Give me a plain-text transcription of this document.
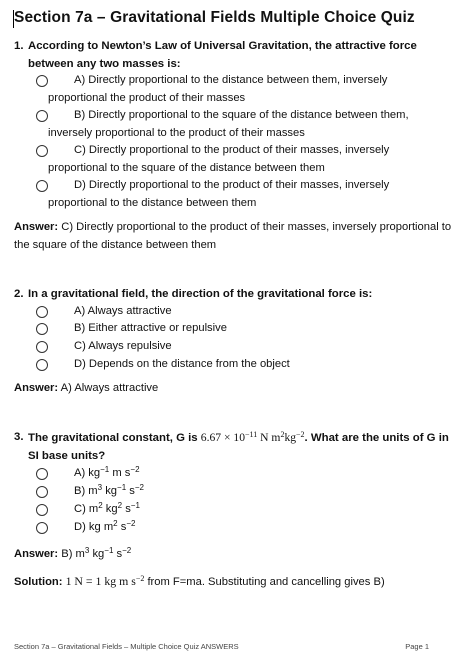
Section 7a – Gravitational Fields Multiple Choice Quiz
1. According to Newton’s Law of Universal Gravitation, the attractive force between any two masses is:
A) Directly proportional to the distance between them, inversely
proportional the product of their masses
B) Directly proportional to the square of the distance between them,
inversely proportional to the product of their masses
C) Directly proportional to the product of their masses, inversely
proportional to the square of the distance between them
D) Directly proportional to the product of their masses, inversely
proportional to the distance between them
Answer: C) Directly proportional to the product of their masses, inversely proportional to the square of the distance between them
2. In a gravitational field, the direction of the gravitational force is:
A) Always attractive
B) Either attractive or repulsive
C) Always repulsive
D) Depends on the distance from the object
Answer: A) Always attractive
3. The gravitational constant, G is $6.67 \times 10^{-11}$ N $m^2kg^{-2}$. What are the units of G in SI base units?
A) $kg^{-1}$ m $s^{-2}$
B) $m^3$ $kg^{-1}$ $s^{-2}$
C) $m^2$ $kg^2$ $s^{-1}$
D) kg $m^2$ $s^{-2}$
Answer: B) $m^3$ $kg^{-1}$ $s^{-2}$
Solution: 1 N = 1 kg m $s^{-2}$ from F=ma. Substituting and cancelling gives B)
Section 7a – Gravitational Fields – Multiple Choice Quiz ANSWERS	Page 1
